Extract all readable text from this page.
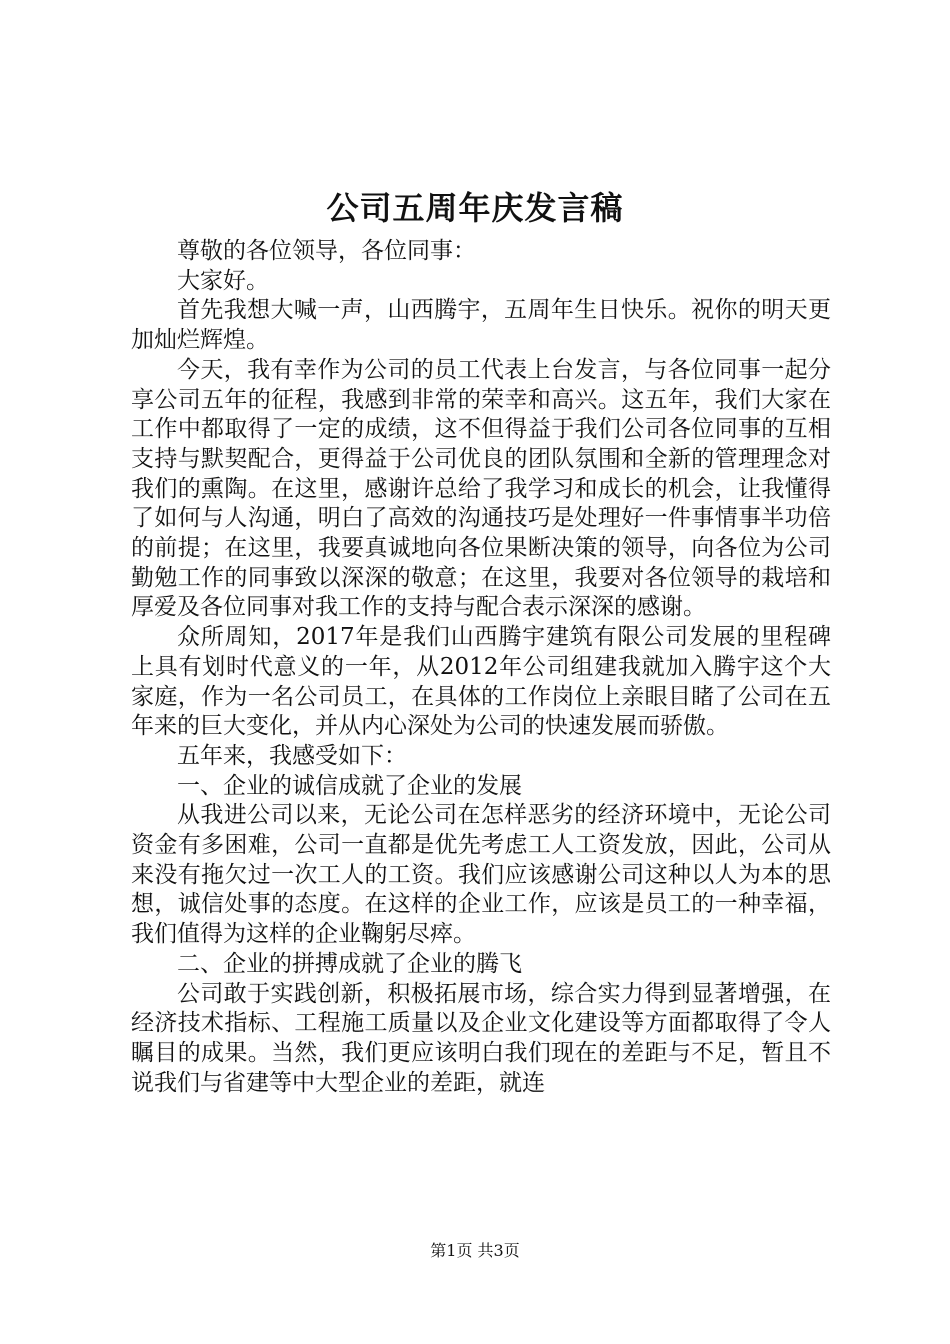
公司五周年庆发言稿

尊敬的各位领导，各位同事：

大家好。

首先我想大喊一声，山西腾宇，五周年生日快乐。祝你的明天更加灿烂辉煌。

今天，我有幸作为公司的员工代表上台发言，与各位同事一起分享公司五年的征程，我感到非常的荣幸和高兴。这五年，我们大家在工作中都取得了一定的成绩，这不但得益于我们公司各位同事的互相支持与默契配合，更得益于公司优良的团队氛围和全新的管理理念对我们的熏陶。在这里，感谢许总给了我学习和成长的机会，让我懂得了如何与人沟通，明白了高效的沟通技巧是处理好一件事情事半功倍的前提；在这里，我要真诚地向各位果断决策的领导，向各位为公司勤勉工作的同事致以深深的敬意；在这里，我要对各位领导的栽培和厚爱及各位同事对我工作的支持与配合表示深深的感谢。

众所周知，2017年是我们山西腾宇建筑有限公司发展的里程碑上具有划时代意义的一年，从2012年公司组建我就加入腾宇这个大家庭，作为一名公司员工，在具体的工作岗位上亲眼目睹了公司在五年来的巨大变化，并从内心深处为公司的快速发展而骄傲。

五年来，我感受如下：

一、企业的诚信成就了企业的发展

从我进公司以来，无论公司在怎样恶劣的经济环境中，无论公司资金有多困难，公司一直都是优先考虑工人工资发放，因此，公司从来没有拖欠过一次工人的工资。我们应该感谢公司这种以人为本的思想，诚信处事的态度。在这样的企业工作，应该是员工的一种幸福，我们值得为这样的企业鞠躬尽瘁。

二、企业的拼搏成就了企业的腾飞

公司敢于实践创新，积极拓展市场，综合实力得到显著增强，在经济技术指标、工程施工质量以及企业文化建设等方面都取得了令人瞩目的成果。当然，我们更应该明白我们现在的差距与不足，暂且不说我们与省建等中大型企业的差距，就连

第1页 共3页
